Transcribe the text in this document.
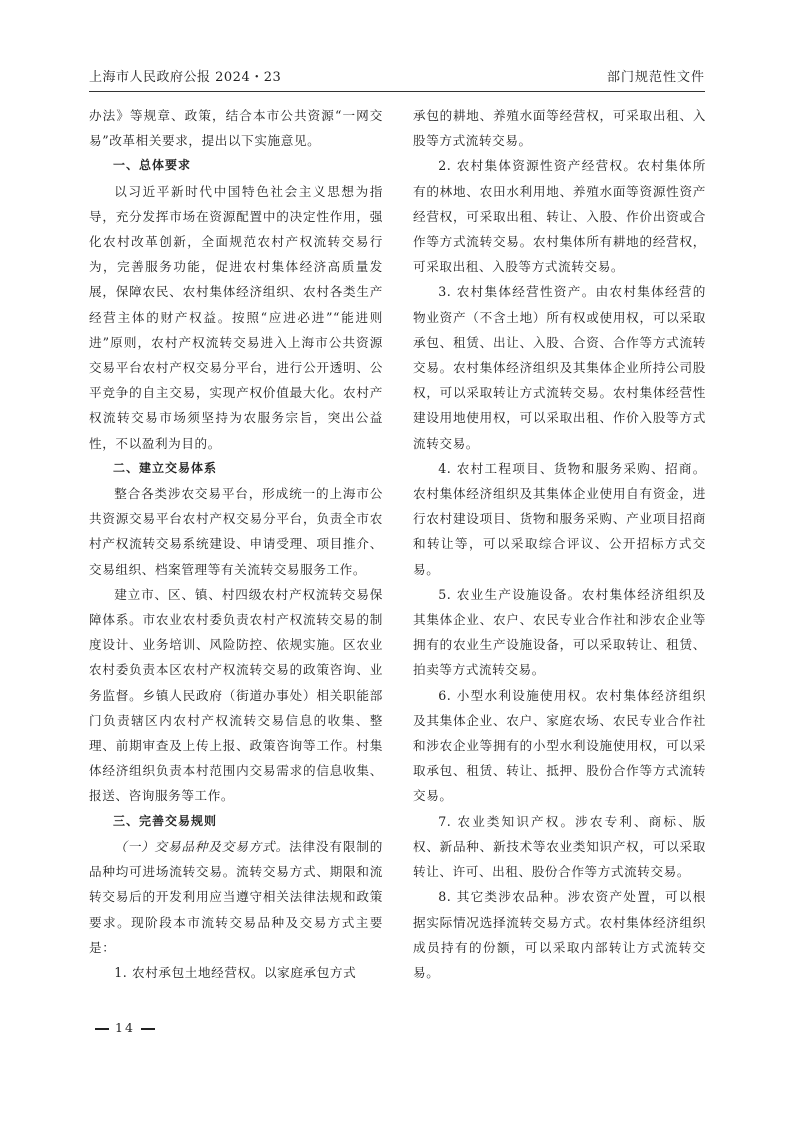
上海市人民政府公报 2024・23	部门规范性文件

办法》等规章、政策，结合本市公共资源“一网交易”改革相关要求，提出以下实施意见。

一、总体要求

以习近平新时代中国特色社会主义思想为指导，充分发挥市场在资源配置中的决定性作用，强化农村改革创新，全面规范农村产权流转交易行为，完善服务功能，促进农村集体经济高质量发展，保障农民、农村集体经济组织、农村各类生产经营主体的财产权益。按照“应进必进”“能进则进”原则，农村产权流转交易进入上海市公共资源交易平台农村产权交易分平台，进行公开透明、公平竞争的自主交易，实现产权价值最大化。农村产权流转交易市场须坚持为农服务宗旨，突出公益性，不以盈利为目的。

二、建立交易体系

整合各类涉农交易平台，形成统一的上海市公共资源交易平台农村产权交易分平台，负责全市农村产权流转交易系统建设、申请受理、项目推介、交易组织、档案管理等有关流转交易服务工作。

建立市、区、镇、村四级农村产权流转交易保障体系。市农业农村委负责农村产权流转交易的制度设计、业务培训、风险防控、依规实施。区农业农村委负责本区农村产权流转交易的政策咨询、业务监督。乡镇人民政府（街道办事处）相关职能部门负责辖区内农村产权流转交易信息的收集、整理、前期审查及上传上报、政策咨询等工作。村集体经济组织负责本村范围内交易需求的信息收集、报送、咨询服务等工作。

三、完善交易规则

（一）交易品种及交易方式。法律没有限制的品种均可进场流转交易。流转交易方式、期限和流转交易后的开发利用应当遵守相关法律法规和政策要求。现阶段本市流转交易品种及交易方式主要是：

1. 农村承包土地经营权。以家庭承包方式

承包的耕地、养殖水面等经营权，可采取出租、入股等方式流转交易。

2. 农村集体资源性资产经营权。农村集体所有的林地、农田水利用地、养殖水面等资源性资产经营权，可采取出租、转让、入股、作价出资或合作等方式流转交易。农村集体所有耕地的经营权，可采取出租、入股等方式流转交易。

3. 农村集体经营性资产。由农村集体经营的物业资产（不含土地）所有权或使用权，可以采取承包、租赁、出让、入股、合资、合作等方式流转交易。农村集体经济组织及其集体企业所持公司股权，可以采取转让方式流转交易。农村集体经营性建设用地使用权，可以采取出租、作价入股等方式流转交易。

4. 农村工程项目、货物和服务采购、招商。农村集体经济组织及其集体企业使用自有资金，进行农村建设项目、货物和服务采购、产业项目招商和转让等，可以采取综合评议、公开招标方式交易。

5. 农业生产设施设备。农村集体经济组织及其集体企业、农户、农民专业合作社和涉农企业等拥有的农业生产设施设备，可以采取转让、租赁、拍卖等方式流转交易。

6. 小型水利设施使用权。农村集体经济组织及其集体企业、农户、家庭农场、农民专业合作社和涉农企业等拥有的小型水利设施使用权，可以采取承包、租赁、转让、抵押、股份合作等方式流转交易。

7. 农业类知识产权。涉农专利、商标、版权、新品种、新技术等农业类知识产权，可以采取转让、许可、出租、股份合作等方式流转交易。

8. 其它类涉农品种。涉农资产处置，可以根据实际情况选择流转交易方式。农村集体经济组织成员持有的份额，可以采取内部转让方式流转交易。

14
